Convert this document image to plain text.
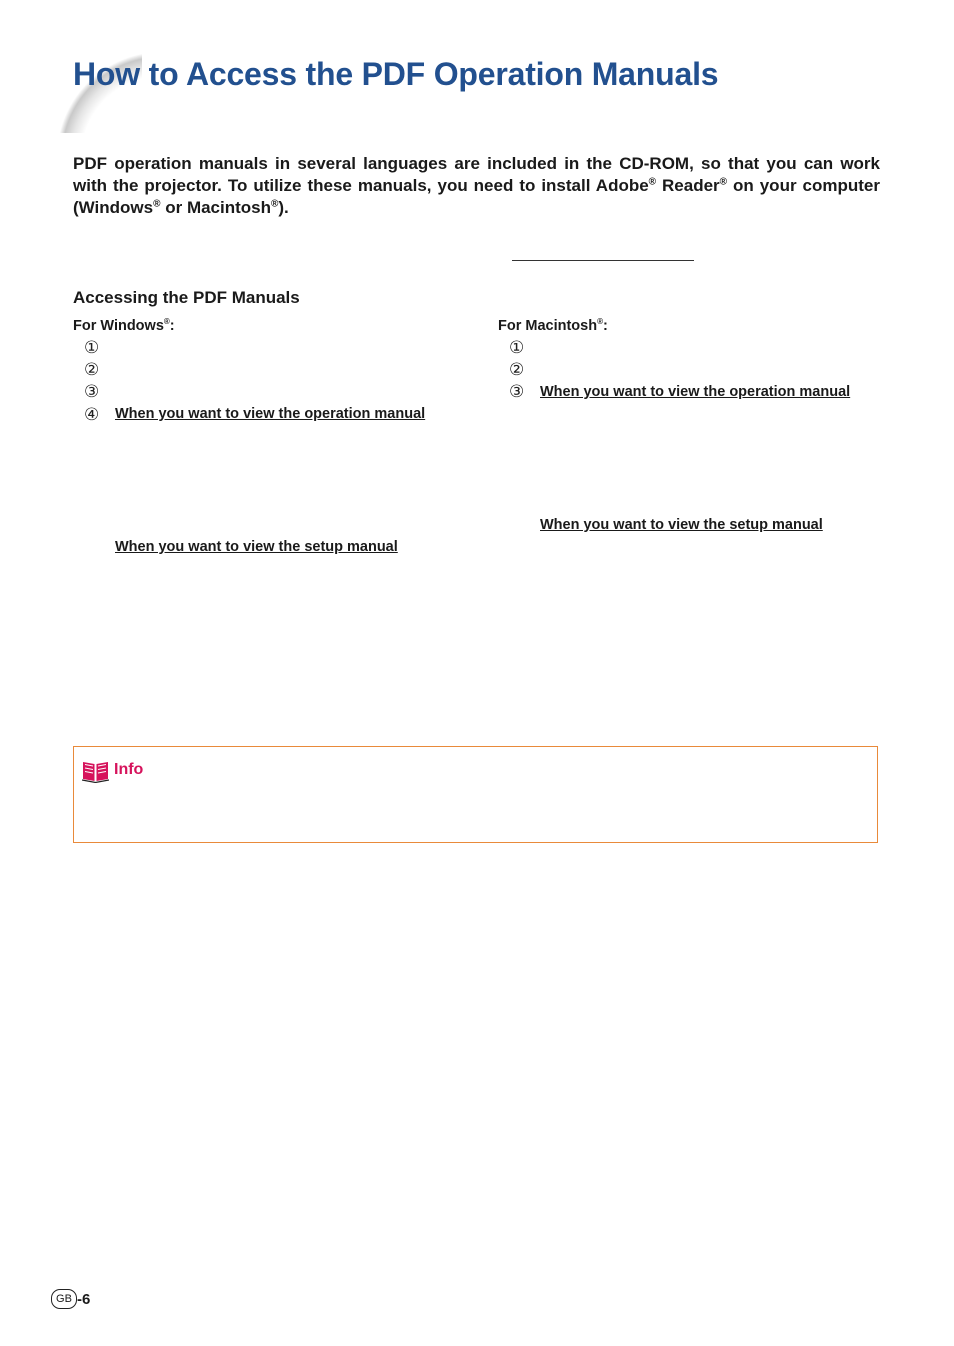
How to Access the PDF Operation Manuals

PDF operation manuals in several languages are included in the CD-ROM, so that you can work with the projector. To utilize these manuals, you need to install Adobe® Reader® on your computer (Windows® or Macintosh®).

Accessing the PDF Manuals

For Windows®:

①
②
③
④ When you want to view the operation manual
When you want to view the setup manual

For Macintosh®:

①
②
③ When you want to view the operation manual
When you want to view the setup manual
Info
GB -6
